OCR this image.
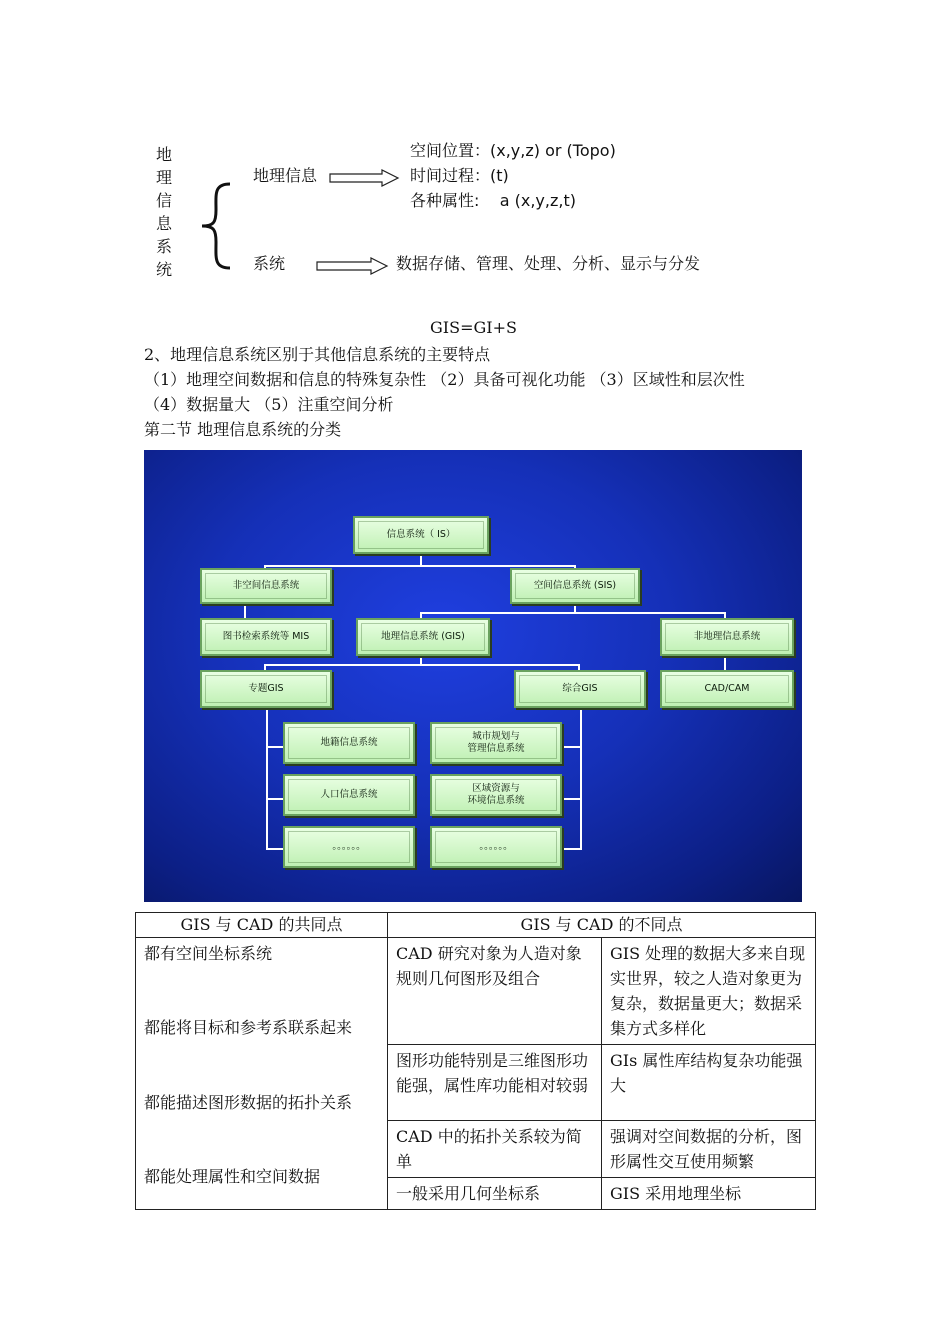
地
理
信
息
系
统
地理信息
系统
空间位置：(x,y,z) or (Topo)
时间过程：(t)
各种属性:    a (x,y,z,t)
数据存储、管理、处理、分析、显示与分发
GIS=GI+S
2、地理信息系统区别于其他信息系统的主要特点
（1）地理空间数据和信息的特殊复杂性 （2）具备可视化功能 （3）区域性和层次性
（4）数据量大 （5）注重空间分析
第二节 地理信息系统的分类
信息系统（ IS）
非空间信息系统	空间信息系统 (SIS)
图书检索系统等 MIS	地理信息系统 (GIS)	非地理信息系统
专题GIS	综合GIS	CAD/CAM
地籍信息系统
城市规划与
管理信息系统
人口信息系统
区域资源与
环境信息系统
。。。。。。	。。。。。。
GIS 与 CAD 的共同点	GIS 与 CAD 的不同点	

都有空间坐标系统
都能将目标和参考系联系起来
都能描述图形数据的拓扑关系
都能处理属性和空间数据	CAD 研究对象为人造对象规则几何图形及组合	GIS 处理的数据大多来自现实世界，较之人造对象更为复杂，数据量更大；数据采集方式多样化
	图形功能特别是三维图形功能强，属性库功能相对较弱	GIs 属性库结构复杂功能强大
	CAD 中的拓扑关系较为简单	强调对空间数据的分析，图形属性交互使用频繁
	一般采用几何坐标系	GIS 采用地理坐标
